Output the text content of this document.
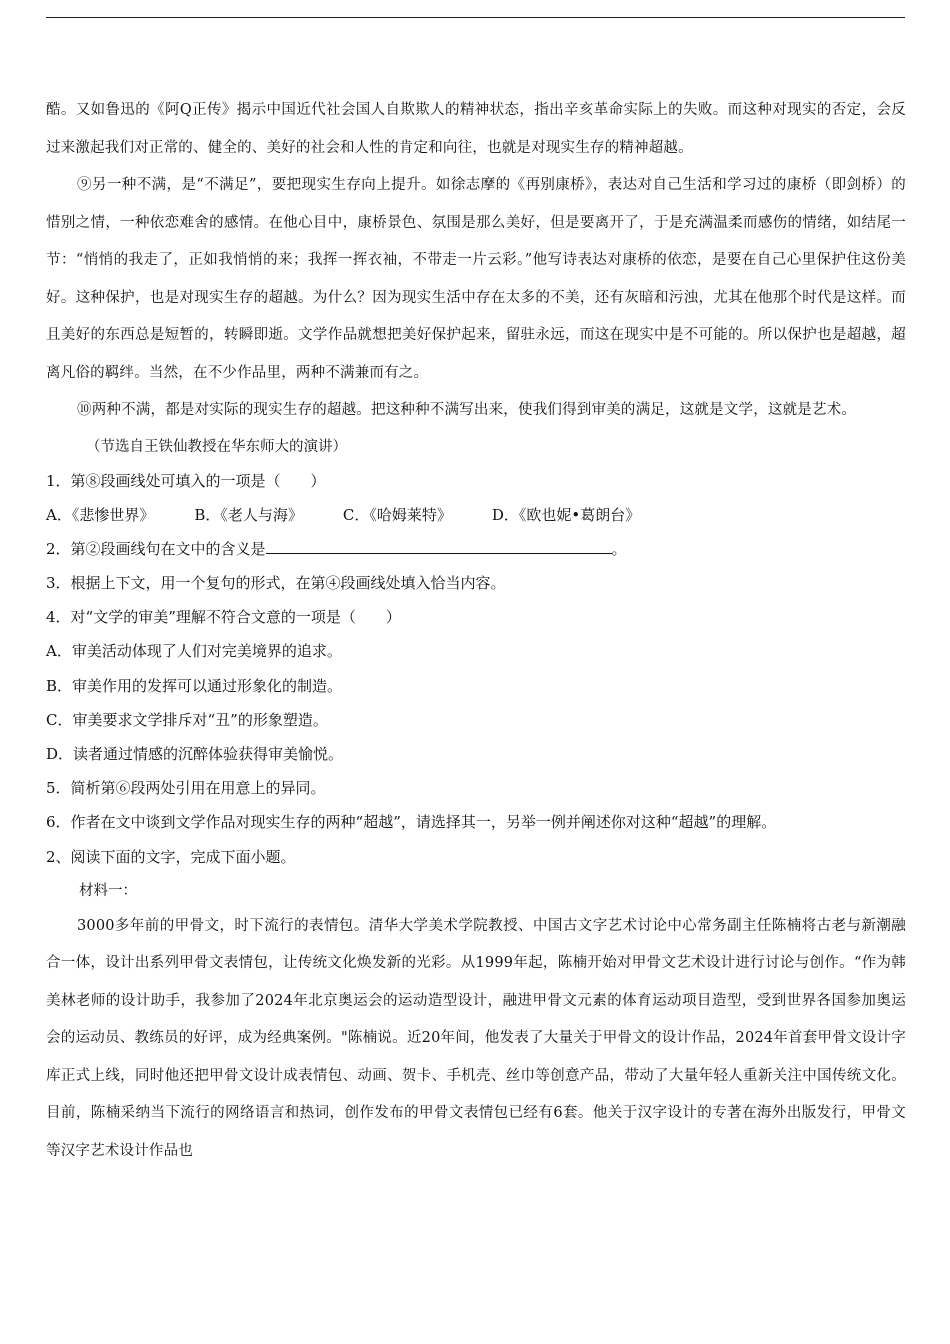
酷。又如鲁迅的《阿Q正传》揭示中国近代社会国人自欺欺人的精神状态，指出辛亥革命实际上的失败。而这种对现实的否定，会反过来激起我们对正常的、健全的、美好的社会和人性的肯定和向往，也就是对现实生存的精神超越。

⑨另一种不满，是“不满足”，要把现实生存向上提升。如徐志摩的《再别康桥》，表达对自己生活和学习过的康桥（即剑桥）的惜别之情，一种依恋难舍的感情。在他心目中，康桥景色、氛围是那么美好，但是要离开了，于是充满温柔而感伤的情绪，如结尾一节：“悄悄的我走了，正如我悄悄的来；我挥一挥衣袖，不带走一片云彩。”他写诗表达对康桥的依恋，是要在自己心里保护住这份美好。这种保护，也是对现实生存的超越。为什么？因为现实生活中存在太多的不美，还有灰暗和污浊，尤其在他那个时代是这样。而且美好的东西总是短暂的，转瞬即逝。文学作品就想把美好保护起来，留驻永远，而这在现实中是不可能的。所以保护也是超越，超离凡俗的羁绊。当然，在不少作品里，两种不满兼而有之。

⑩两种不满，都是对实际的现实生存的超越。把这种种不满写出来，使我们得到审美的满足，这就是文学，这就是艺术。

（节选自王铁仙教授在华东师大的演讲）

1．第⑧段画线处可填入的一项是（　　）

A．《悲惨世界》	B．《老人与海》	C．《哈姆莱特》	D．《欧也妮•葛朗台》

2．第②段画线句在文中的含义是	。

3．根据上下文，用一个复句的形式，在第④段画线处填入恰当内容。

4．对“文学的审美”理解不符合文意的一项是（　　）

A．审美活动体现了人们对完美境界的追求。

B．审美作用的发挥可以通过形象化的制造。

C．审美要求文学排斥对“丑”的形象塑造。

D．读者通过情感的沉醉体验获得审美愉悦。

5．简析第⑥段两处引用在用意上的异同。

6．作者在文中谈到文学作品对现实生存的两种“超越”，请选择其一，另举一例并阐述你对这种“超越”的理解。

2、阅读下面的文字，完成下面小题。

材料一：

3000多年前的甲骨文，时下流行的表情包。清华大学美术学院教授、中国古文字艺术讨论中心常务副主任陈楠将古老与新潮融合一体，设计出系列甲骨文表情包，让传统文化焕发新的光彩。从1999年起，陈楠开始对甲骨文艺术设计进行讨论与创作。“作为韩美林老师的设计助手，我参加了2024年北京奥运会的运动造型设计，融进甲骨文元素的体育运动项目造型，受到世界各国参加奥运会的运动员、教练员的好评，成为经典案例。"陈楠说。近20年间，他发表了大量关于甲骨文的设计作品，2024年首套甲骨文设计字库正式上线，同时他还把甲骨文设计成表情包、动画、贺卡、手机壳、丝巾等创意产品，带动了大量年轻人重新关注中国传统文化。目前，陈楠采纳当下流行的网络语言和热词，创作发布的甲骨文表情包已经有6套。他关于汉字设计的专著在海外出版发行，甲骨文等汉字艺术设计作品也
